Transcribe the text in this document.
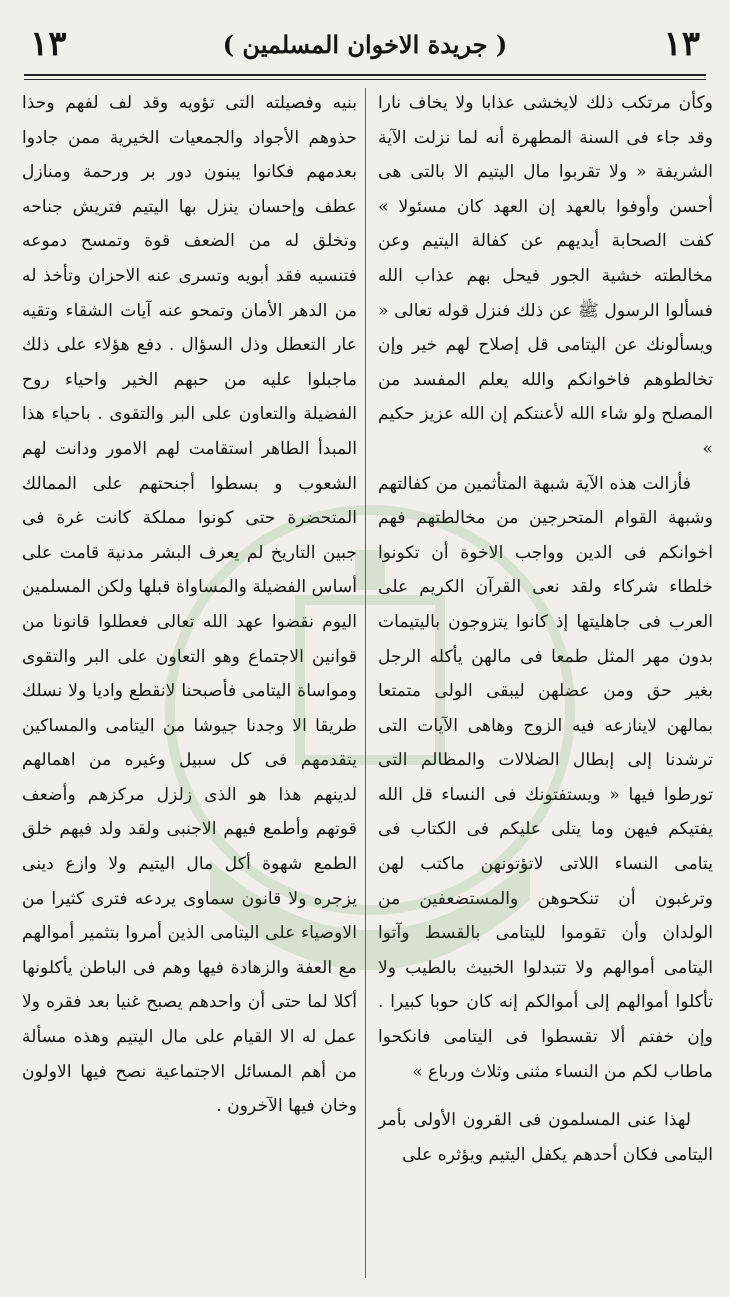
١٣	( جريدة الاخوان المسلمين )	١٣

وكأن مرتكب ذلك لايخشى عذابا ولا يخاف نارا وقد جاء فى السنة المطهرة أنه لما نزلت الآية الشريفة « ولا تقربوا مال اليتيم الا بالتى هى أحسن وأوفوا بالعهد إن العهد كان مسئولا » كفت الصحابة أيديهم عن كفالة اليتيم وعن مخالطته خشية الجور فيحل بهم عذاب الله فسألوا الرسول ﷺ عن ذلك فنزل قوله تعالى « ويسألونك عن اليتامى قل إصلاح لهم خير وإن تخالطوهم فاخوانكم والله يعلم المفسد من المصلح ولو شاء الله لأعنتكم إن الله عزيز حكيم »

فأزالت هذه الآية شبهة المتأثمين من كفالتهم وشبهة القوام المتحرجين من مخالطتهم فهم اخوانكم فى الدين وواجب الاخوة أن تكونوا خلطاء شركاء ولقد نعى القرآن الكريم على العرب فى جاهليتها إذ كانوا يتزوجون باليتيمات بدون مهر المثل طمعا فى مالهن يأكله الرجل بغير حق ومن عضلهن ليبقى الولى متمتعا بمالهن لاينازعه فيه الزوج وهاهى الآيات التى ترشدنا إلى إبطال الضلالات والمظالم التى تورطوا فيها « ويستفتونك فى النساء قل الله يفتيكم فيهن وما يتلى عليكم فى الكتاب فى يتامى النساء اللاتى لاتؤتونهن ماكتب لهن وترغبون أن تنكحوهن والمستضعفين من الولدان وأن تقوموا لليتامى بالقسط وآتوا اليتامى أموالهم ولا تتبدلوا الخبيث بالطيب ولا تأكلوا أموالهم إلى أموالكم إنه كان حوبا كبيرا . وإن خفتم ألا تقسطوا فى اليتامى فانكحوا ماطاب لكم من النساء مثنى وثلاث ورباع »

لهذا عنى المسلمون فى القرون الأولى بأمر اليتامى فكان أحدهم يكفل اليتيم ويؤثره على

بنيه وفصيلته التى تؤويه وقد لف لفهم وحذا حذوهم الأجواد والجمعيات الخيرية ممن جادوا بعدمهم فكانوا يبنون دور بر ورحمة ومنازل عطف وإحسان ينزل بها اليتيم فتريش جناحه وتخلق له من الضعف قوة وتمسح دموعه فتنسيه فقد أبويه وتسرى عنه الاحزان وتأخذ له من الدهر الأمان وتمحو عنه آيات الشقاء وتقيه عار التعطل وذل السؤال . دفع هؤلاء على ذلك ماجبلوا عليه من حبهم الخير واحياء روح الفضيلة والتعاون على البر والتقوى . باحياء هذا المبدأ الطاهر استقامت لهم الامور ودانت لهم الشعوب و بسطوا أجنحتهم على الممالك المتحضرة حتى كونوا مملكة كانت غرة فى جبين التاريخ لم يعرف البشر مدنية قامت على أساس الفضيلة والمساواة قبلها ولكن المسلمين اليوم نقضوا عهد الله تعالى فعطلوا قانونا من قوانين الاجتماع وهو التعاون على البر والتقوى ومواساة اليتامى فأصبحنا لانقطع واديا ولا نسلك طريقا الا وجدنا جيوشا من اليتامى والمساكين يتقدمهم فى كل سبيل وغيره من اهمالهم لدينهم هذا هو الذى زلزل مركزهم وأضعف قوتهم وأطمع فيهم الاجنبى ولقد ولد فيهم خلق الطمع شهوة أكل مال اليتيم ولا وازع دينى يزجره ولا قانون سماوى يردعه فترى كثيرا من الاوصياء على اليتامى الذين أمروا بتثمير أموالهم مع العفة والزهادة فيها وهم فى الباطن يأكلونها أكلا لما حتى أن واحدهم يصبح غنيا بعد فقره ولا عمل له الا القيام على مال اليتيم وهذه مسألة من أهم المسائل الاجتماعية نصح فيها الاولون وخان فيها الآخرون .
